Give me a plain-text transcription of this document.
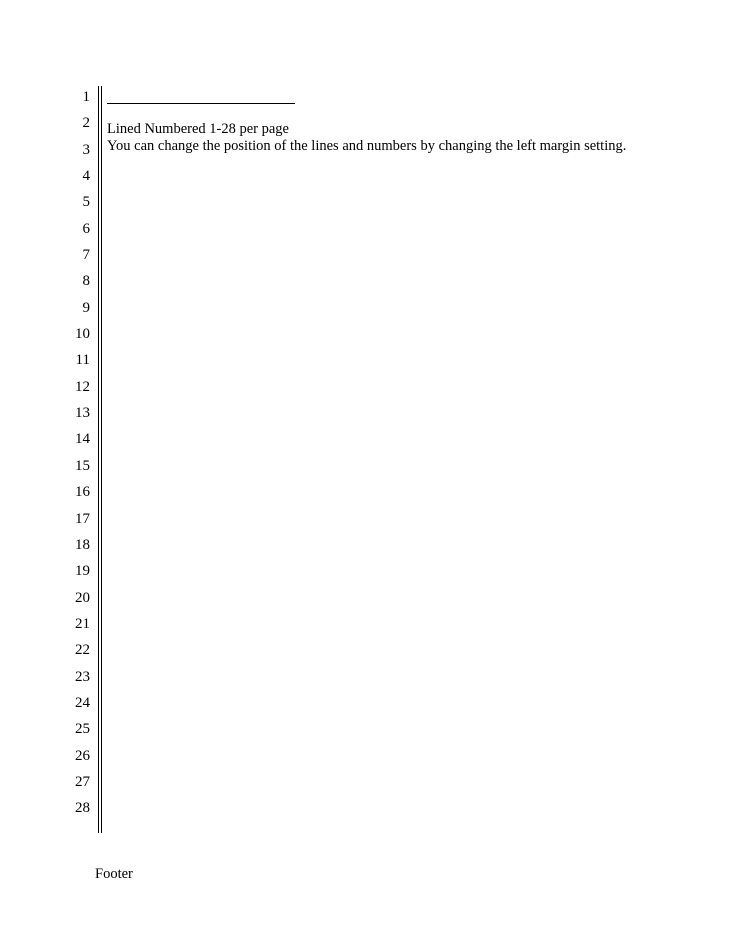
1
2
3
4
5
6
7
8
9
10
11
12
13
14
15
16
17
18
19
20
21
22
23
24
25
26
27
28
Lined Numbered 1-28 per page
You can change the position of the lines and numbers by changing the left margin setting.
Footer
